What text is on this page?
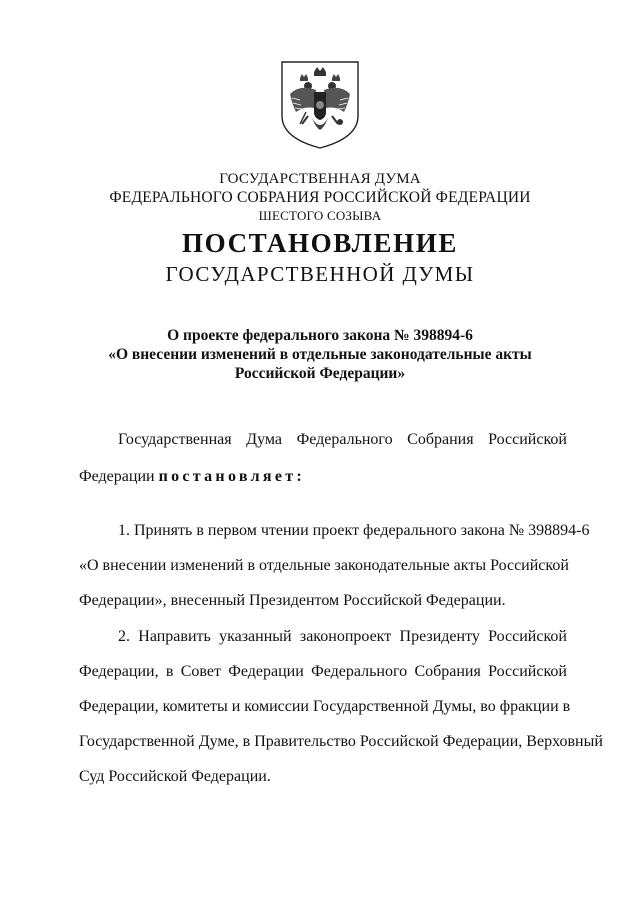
ГОСУДАРСТВЕННАЯ ДУМА
ФЕДЕРАЛЬНОГО СОБРАНИЯ РОССИЙСКОЙ ФЕДЕРАЦИИ
ШЕСТОГО СОЗЫВА
ПОСТАНОВЛЕНИЕ
ГОСУДАРСТВЕННОЙ ДУМЫ
О проекте федерального закона № 398894-6
«О внесении изменений в отдельные законодательные акты
Российской Федерации»
Государственная Дума Федерального Собрания Российской
Федерации постановляет:
1. Принять в первом чтении проект федерального закона № 398894-6
«О внесении изменений в отдельные законодательные акты Российской
Федерации», внесенный Президентом Российской Федерации.
2. Направить указанный законопроект Президенту Российской
Федерации, в Совет Федерации Федерального Собрания Российской
Федерации, комитеты и комиссии Государственной Думы, во фракции в
Государственной Думе, в Правительство Российской Федерации, Верховный
Суд Российской Федерации.
